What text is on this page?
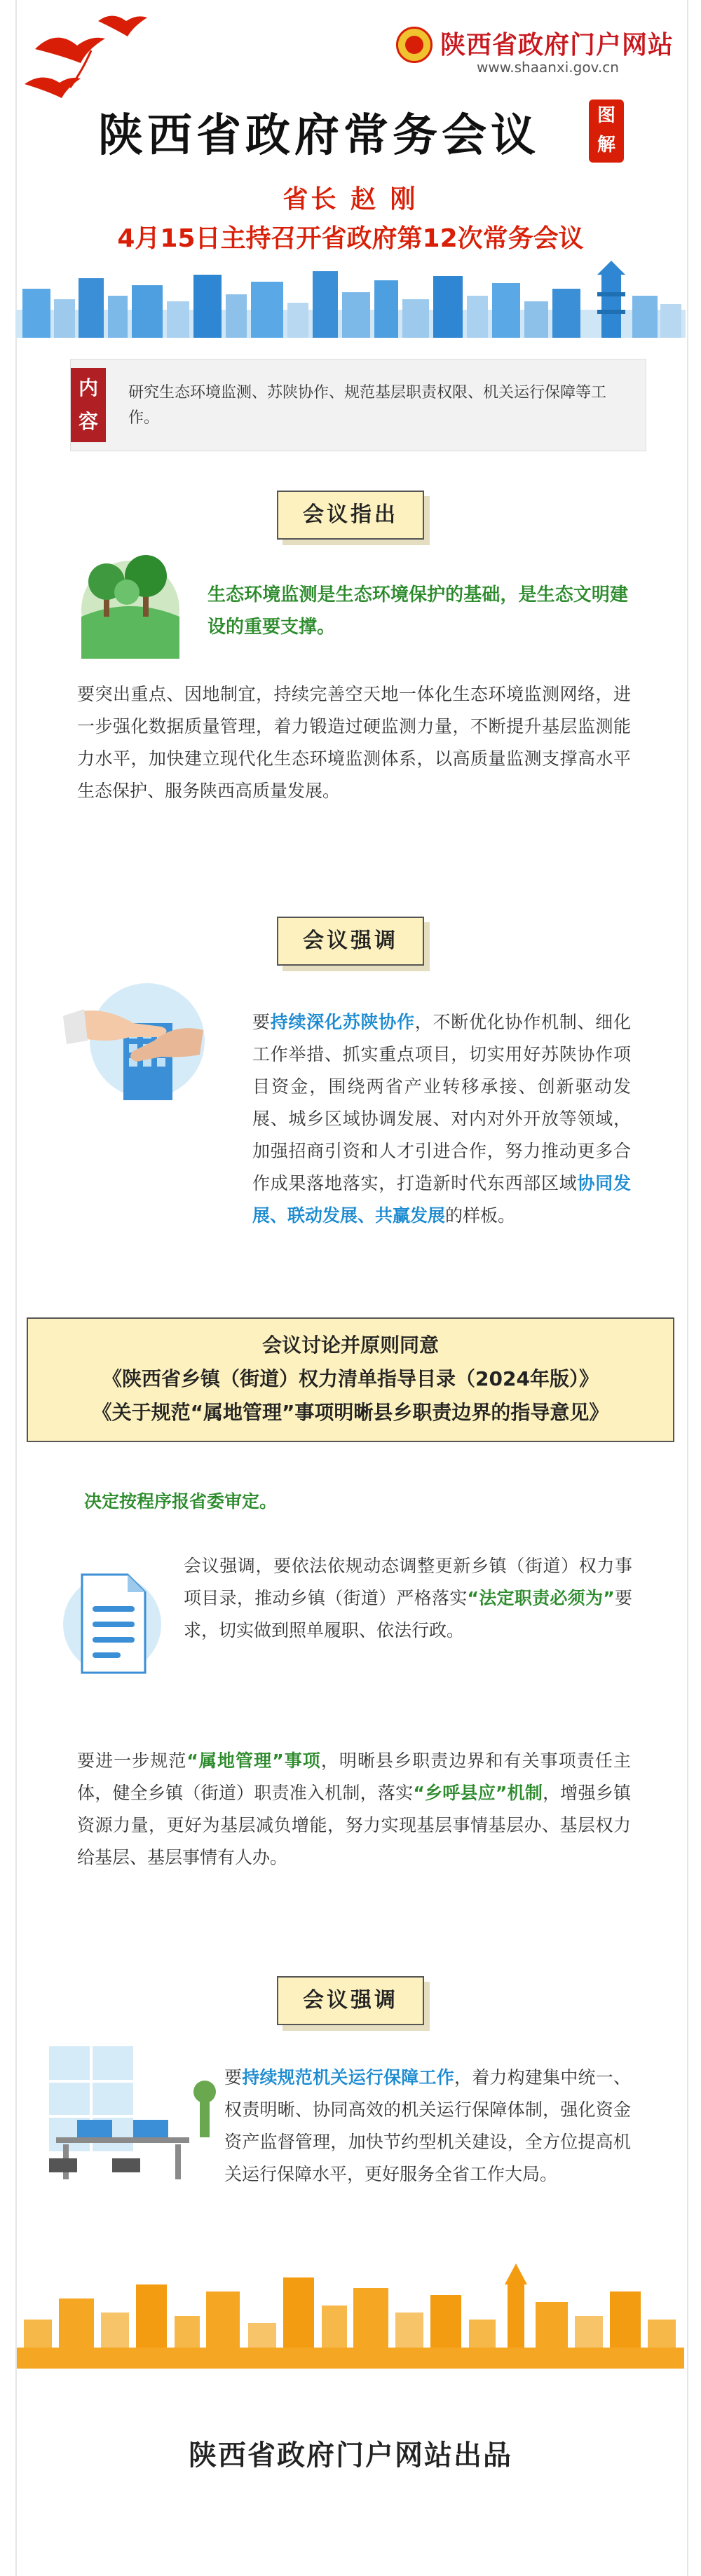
陕西省政府门户网站
www.shaanxi.gov.cn
陕西省政府常务会议	图解
省长 赵 刚
4月15日主持召开省政府第12次常务会议
内容
研究生态环境监测、苏陕协作、规范基层职责权限、机关运行保障等工作。
会议指出
生态环境监测是生态环境保护的基础，是生态文明建设的重要支撑。
要突出重点、因地制宜，持续完善空天地一体化生态环境监测网络，进一步强化数据质量管理，着力锻造过硬监测力量，不断提升基层监测能力水平，加快建立现代化生态环境监测体系，以高质量监测支撑高水平生态保护、服务陕西高质量发展。
会议强调
要持续深化苏陕协作，不断优化协作机制、细化工作举措、抓实重点项目，切实用好苏陕协作项目资金，围绕两省产业转移承接、创新驱动发展、城乡区域协调发展、对内对外开放等领域，加强招商引资和人才引进合作，努力推动更多合作成果落地落实，打造新时代东西部区域协同发展、联动发展、共赢发展的样板。
会议讨论并原则同意
《陕西省乡镇（街道）权力清单指导目录（2024年版）》
《关于规范“属地管理”事项明晰县乡职责边界的指导意见》
决定按程序报省委审定。
会议强调，要依法依规动态调整更新乡镇（街道）权力事项目录，推动乡镇（街道）严格落实“法定职责必须为”要求，切实做到照单履职、依法行政。
要进一步规范“属地管理”事项，明晰县乡职责边界和有关事项责任主体，健全乡镇（街道）职责准入机制，落实“乡呼县应”机制，增强乡镇资源力量，更好为基层减负增能，努力实现基层事情基层办、基层权力给基层、基层事情有人办。
会议强调
要持续规范机关运行保障工作，着力构建集中统一、权责明晰、协同高效的机关运行保障体制，强化资金资产监督管理，加快节约型机关建设，全方位提高机关运行保障水平，更好服务全省工作大局。
陕西省政府门户网站出品
